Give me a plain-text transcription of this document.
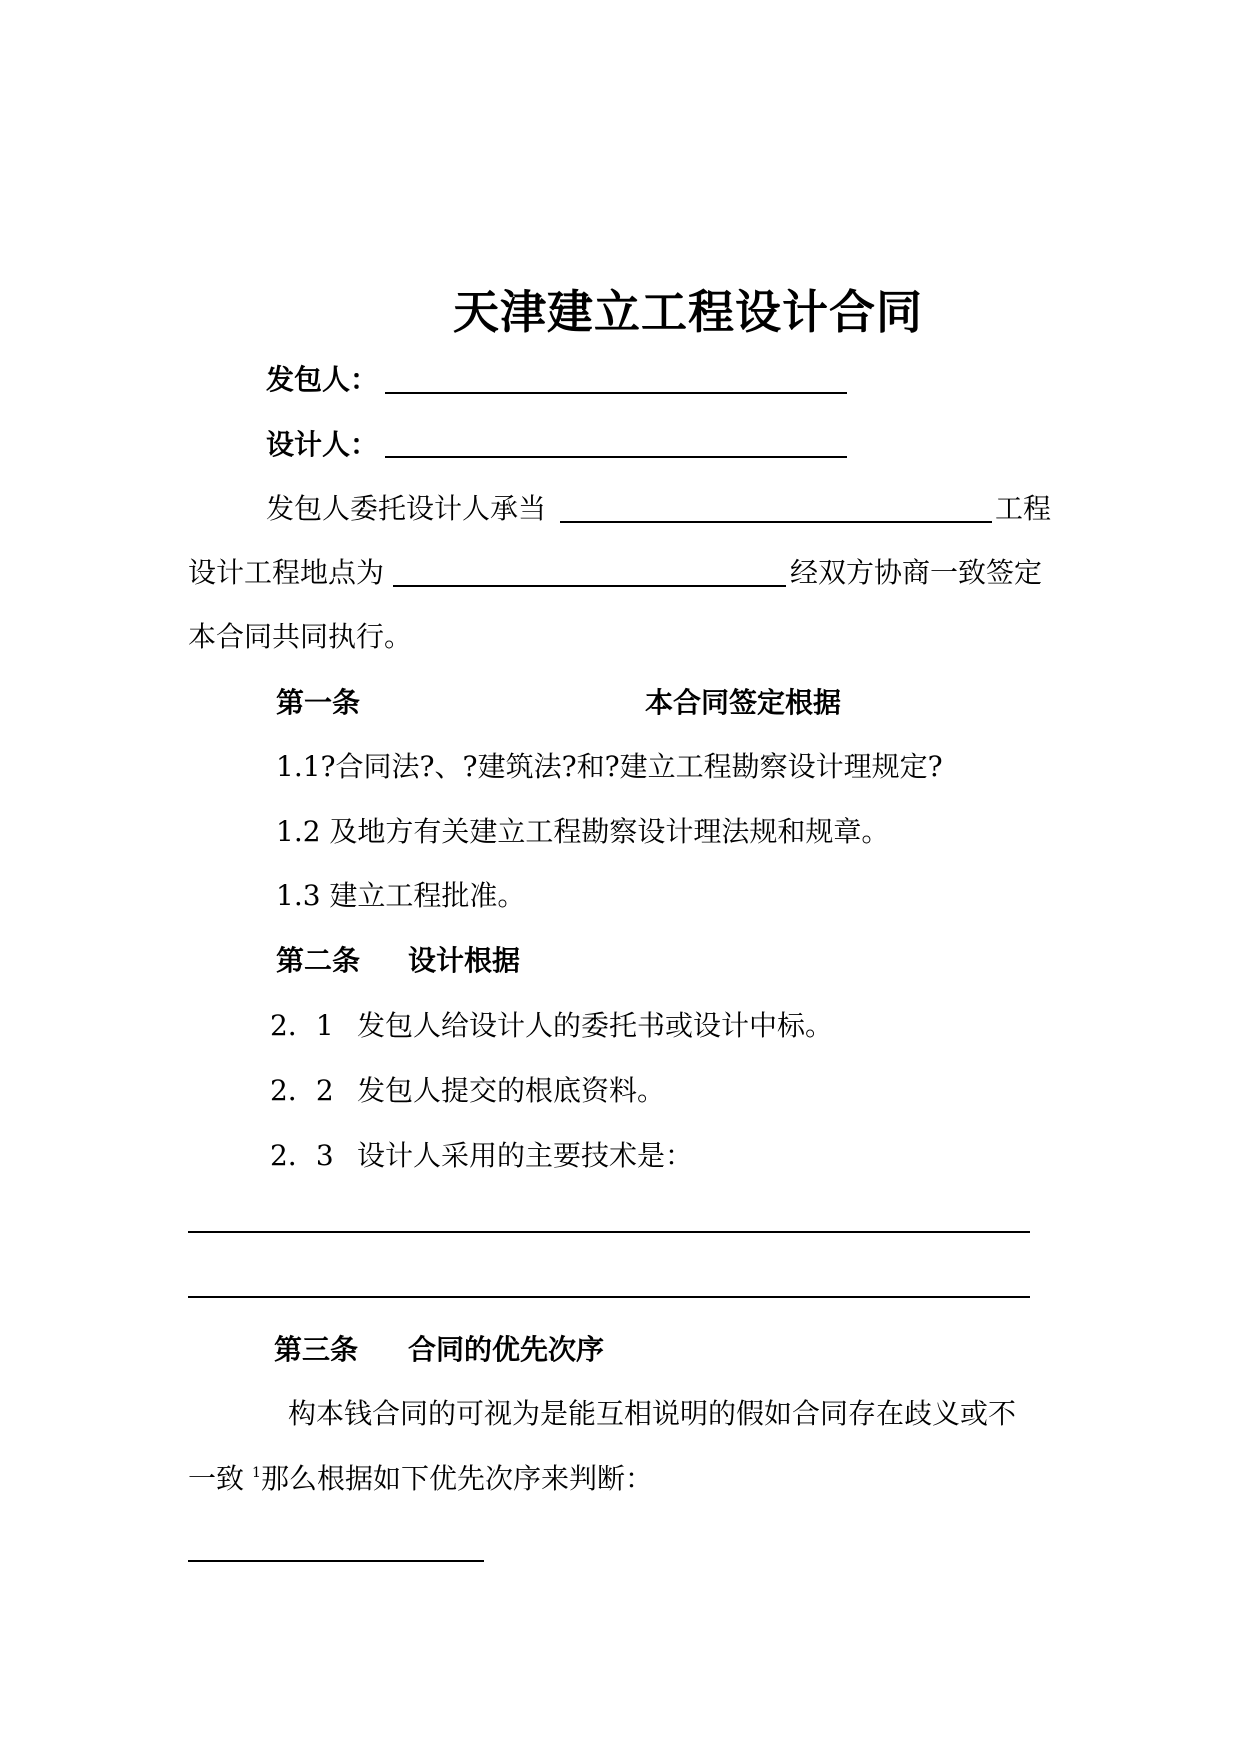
天津建立工程设计合同
发包人：
设计人：
发包人委托设计人承当	工程
设计工程地点为	经双方协商一致签定
本合同共同执行。
第一条	本合同签定根据
1.1?合同法?、?建筑法?和?建立工程勘察设计理规定?
1.2 及地方有关建立工程勘察设计理法规和规章。
1.3 建立工程批准。
第二条 设计根据
2．1 发包人给设计人的委托书或设计中标。
2．2 发包人提交的根底资料。
2．3 设计人采用的主要技术是：
第三条 合同的优先次序
构本钱合同的可视为是能互相说明的假如合同存在歧义或不
一致 1 那么根据如下优先次序来判断：
